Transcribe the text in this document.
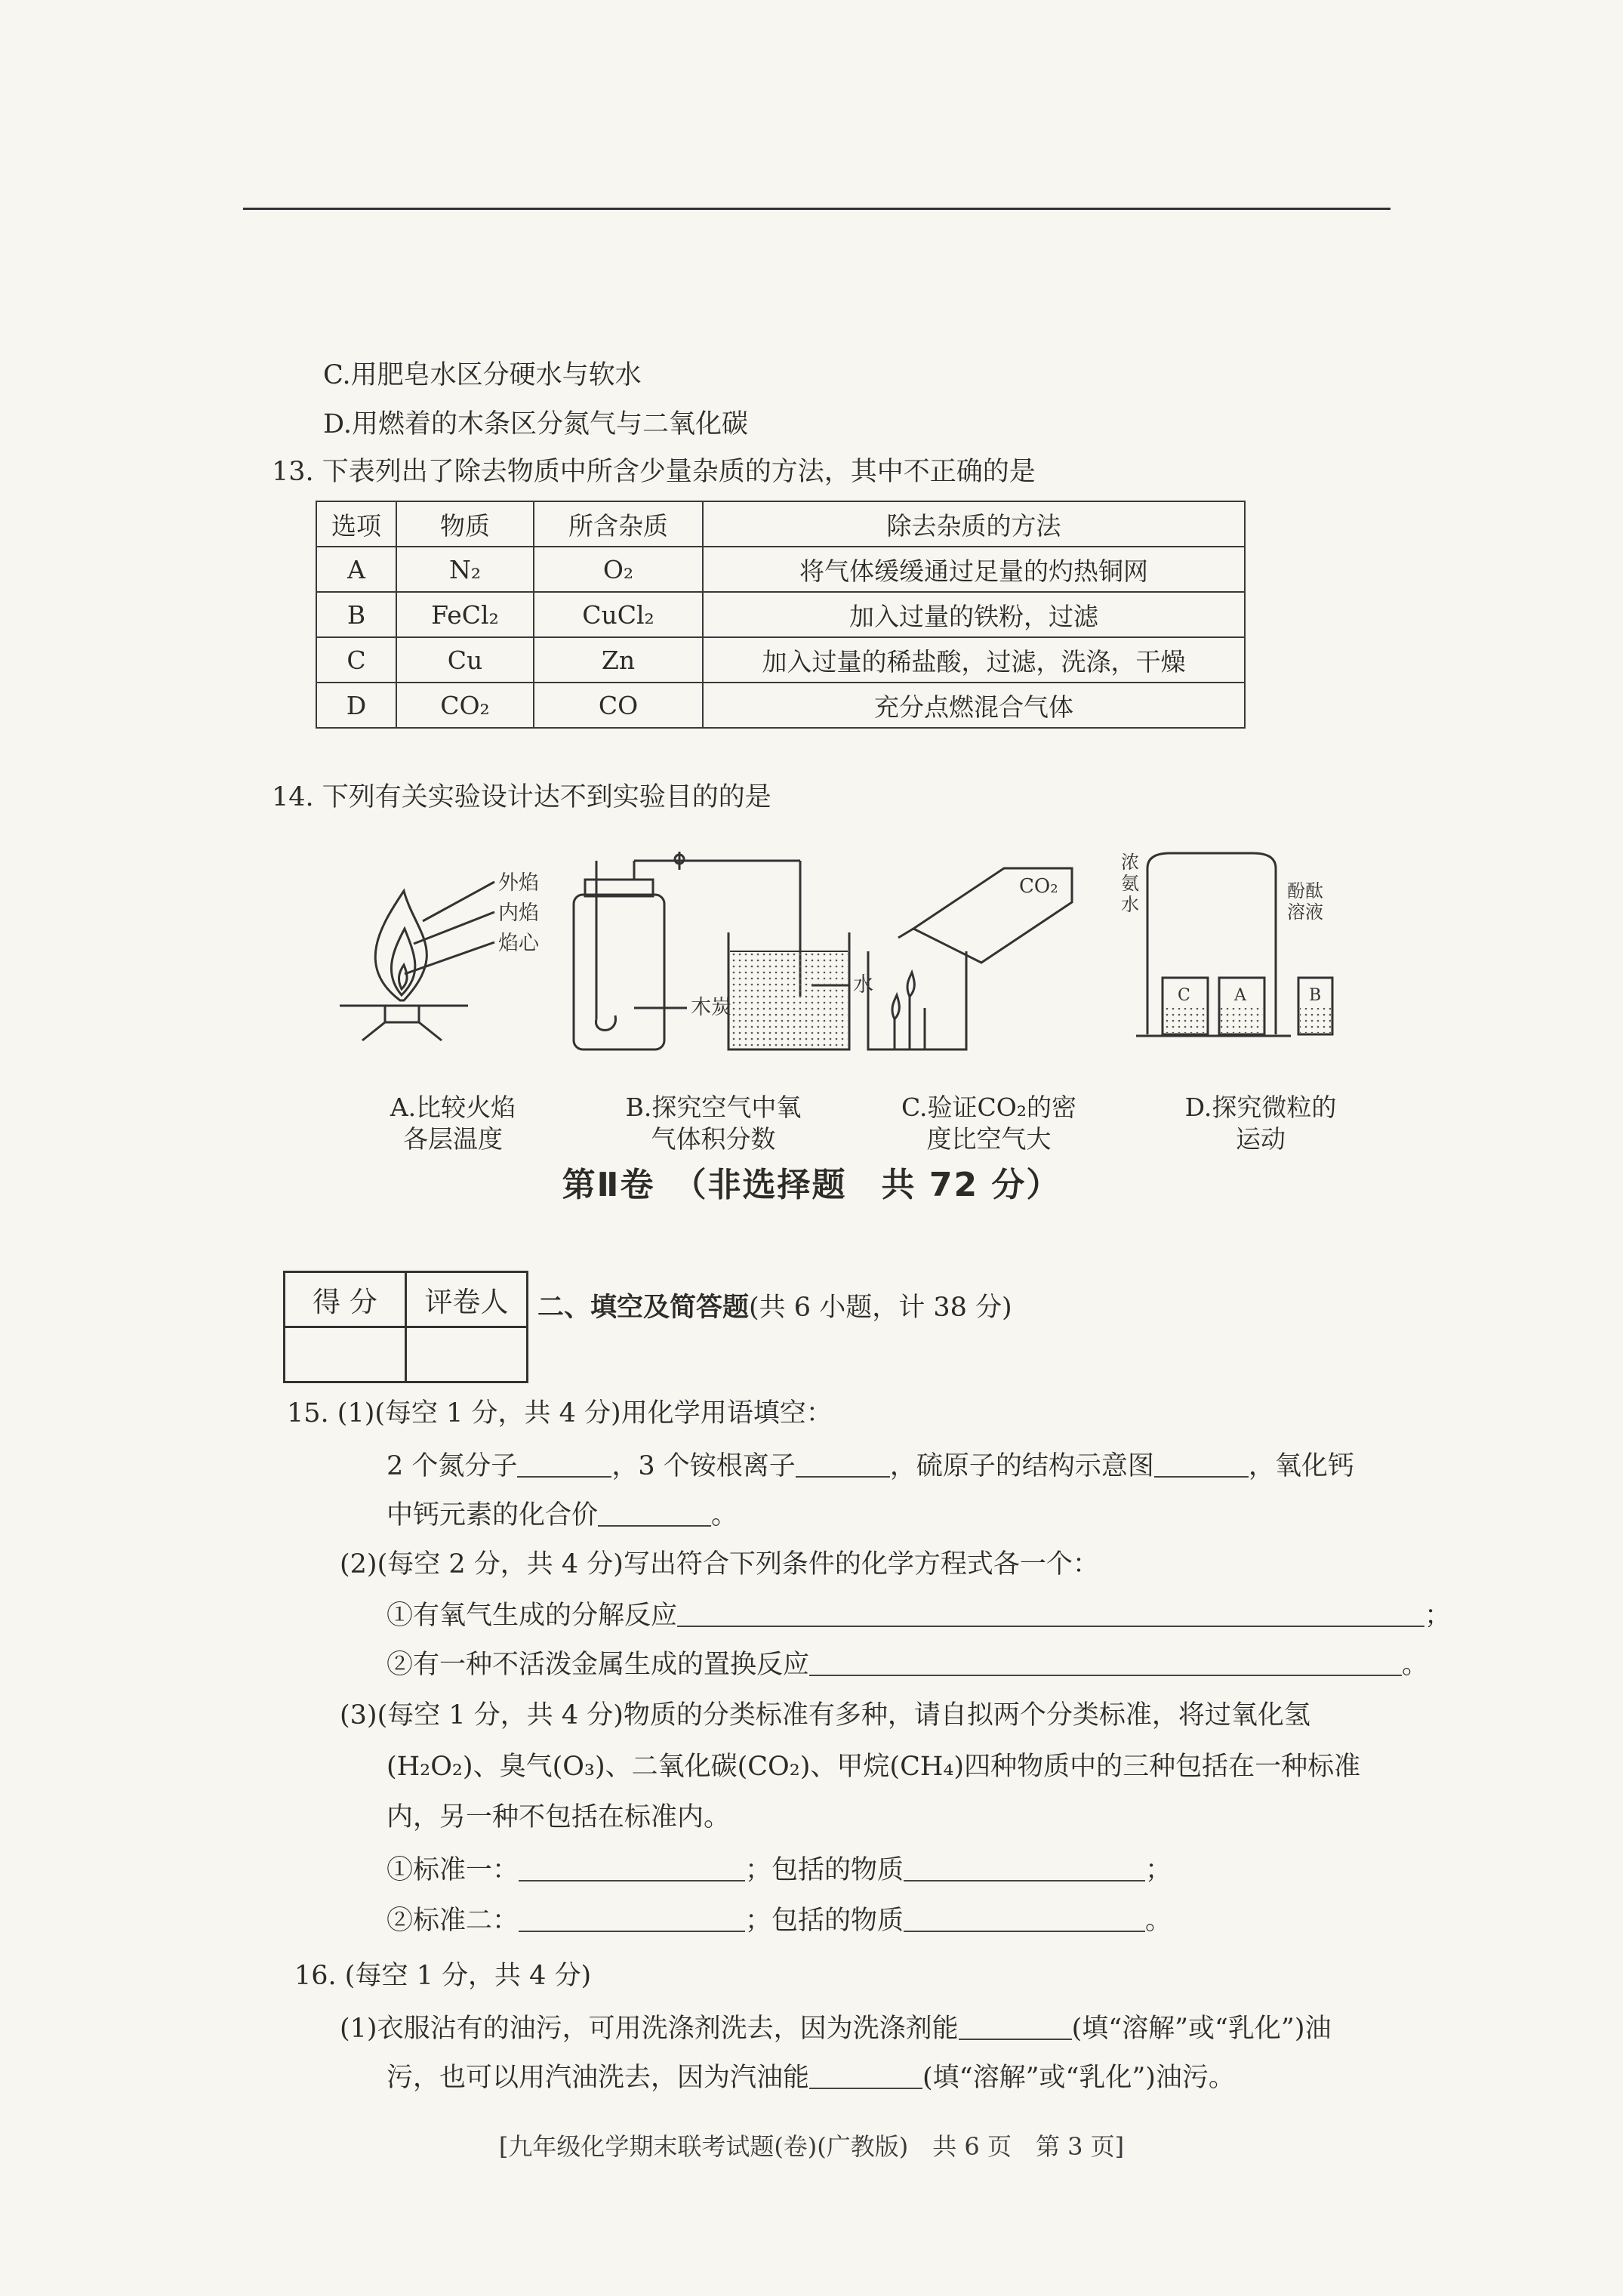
C.用肥皂水区分硬水与软水
D.用燃着的木条区分氮气与二氧化碳
13. 下表列出了除去物质中所含少量杂质的方法，其中不正确的是
选项	物质	所含杂质	除去杂质的方法
A	N₂	O₂	将气体缓缓通过足量的灼热铜网
B	FeCl₂	CuCl₂	加入过量的铁粉，过滤
C	Cu	Zn	加入过量的稀盐酸，过滤，洗涤，干燥
D	CO₂	CO	充分点燃混合气体
14. 下列有关实验设计达不到实验目的的是
外焰
内焰
焰心
A.比较火焰
各层温度
木炭
水
B.探究空气中氧
气体积分数
CO₂
C.验证CO₂的密
度比空气大
浓
氨
水
酚酞
溶液
C	A	B
D.探究微粒的
运动
第Ⅱ卷　（非选择题　共 72 分）
得 分	评卷人
	二、填空及简答题(共 6 小题，计 38 分)
15. (1)(每空 1 分，共 4 分)用化学用语填空：
2 个氮分子	，3 个铵根离子	，硫原子的结构示意图	，氧化钙
中钙元素的化合价	。
(2)(每空 2 分，共 4 分)写出符合下列条件的化学方程式各一个：
①有氧气生成的分解反应	；
②有一种不活泼金属生成的置换反应	。
(3)(每空 1 分，共 4 分)物质的分类标准有多种，请自拟两个分类标准，将过氧化氢
(H₂O₂)、臭气(O₃)、二氧化碳(CO₂)、甲烷(CH₄)四种物质中的三种包括在一种标准
内，另一种不包括在标准内。
①标准一：	；包括的物质	；
②标准二：	；包括的物质	。
16. (每空 1 分，共 4 分)
(1)衣服沾有的油污，可用洗涤剂洗去，因为洗涤剂能	(填“溶解”或“乳化”)油
污，也可以用汽油洗去，因为汽油能	(填“溶解”或“乳化”)油污。
[九年级化学期末联考试题(卷)(广教版)　共 6 页　第 3 页]
